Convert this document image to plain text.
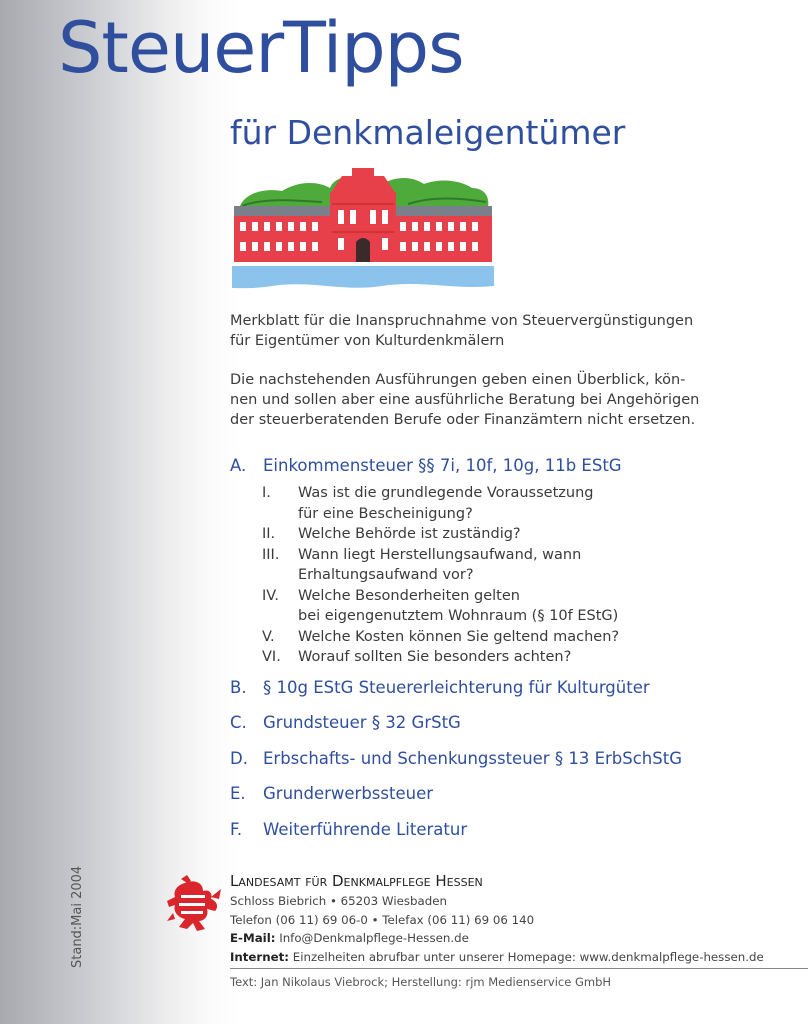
SteuerTipps
für Denkmaleigentümer
Merkblatt für die Inanspruchnahme von Steuervergünstigungen
für Eigentümer von Kulturdenkmälern
Die nachstehenden Ausführungen geben einen Überblick, kön-
nen und sollen aber eine ausführliche Beratung bei Angehörigen
der steuerberatenden Berufe oder Finanzämtern nicht ersetzen.
A. Einkommensteuer §§ 7i, 10f, 10g, 11b EStG
I.	Was ist die grundlegende Voraussetzung
für eine Bescheinigung?
II.	Welche Behörde ist zuständig?
III.	Wann liegt Herstellungsaufwand, wann
Erhaltungsaufwand vor?
IV.	Welche Besonderheiten gelten
bei eigengenutztem Wohnraum (§ 10f EStG)
V.	Welche Kosten können Sie geltend machen?
VI.	Worauf sollten Sie besonders achten?
B. § 10g EStG Steuererleichterung für Kulturgüter
C. Grundsteuer § 32 GrStG
D. Erbschafts- und Schenkungssteuer § 13 ErbSchStG
E. Grunderwerbssteuer
F. Weiterführende Literatur
Landesamt für Denkmalpflege Hessen
Schloss Biebrich • 65203 Wiesbaden
Telefon (06 11) 69 06-0 • Telefax (06 11) 69 06 140
E-Mail: Info@Denkmalpflege-Hessen.de
Internet: Einzelheiten abrufbar unter unserer Homepage: www.denkmalpflege-hessen.de
Text: Jan Nikolaus Viebrock; Herstellung: rjm Medienservice GmbH
Stand:Mai 2004
